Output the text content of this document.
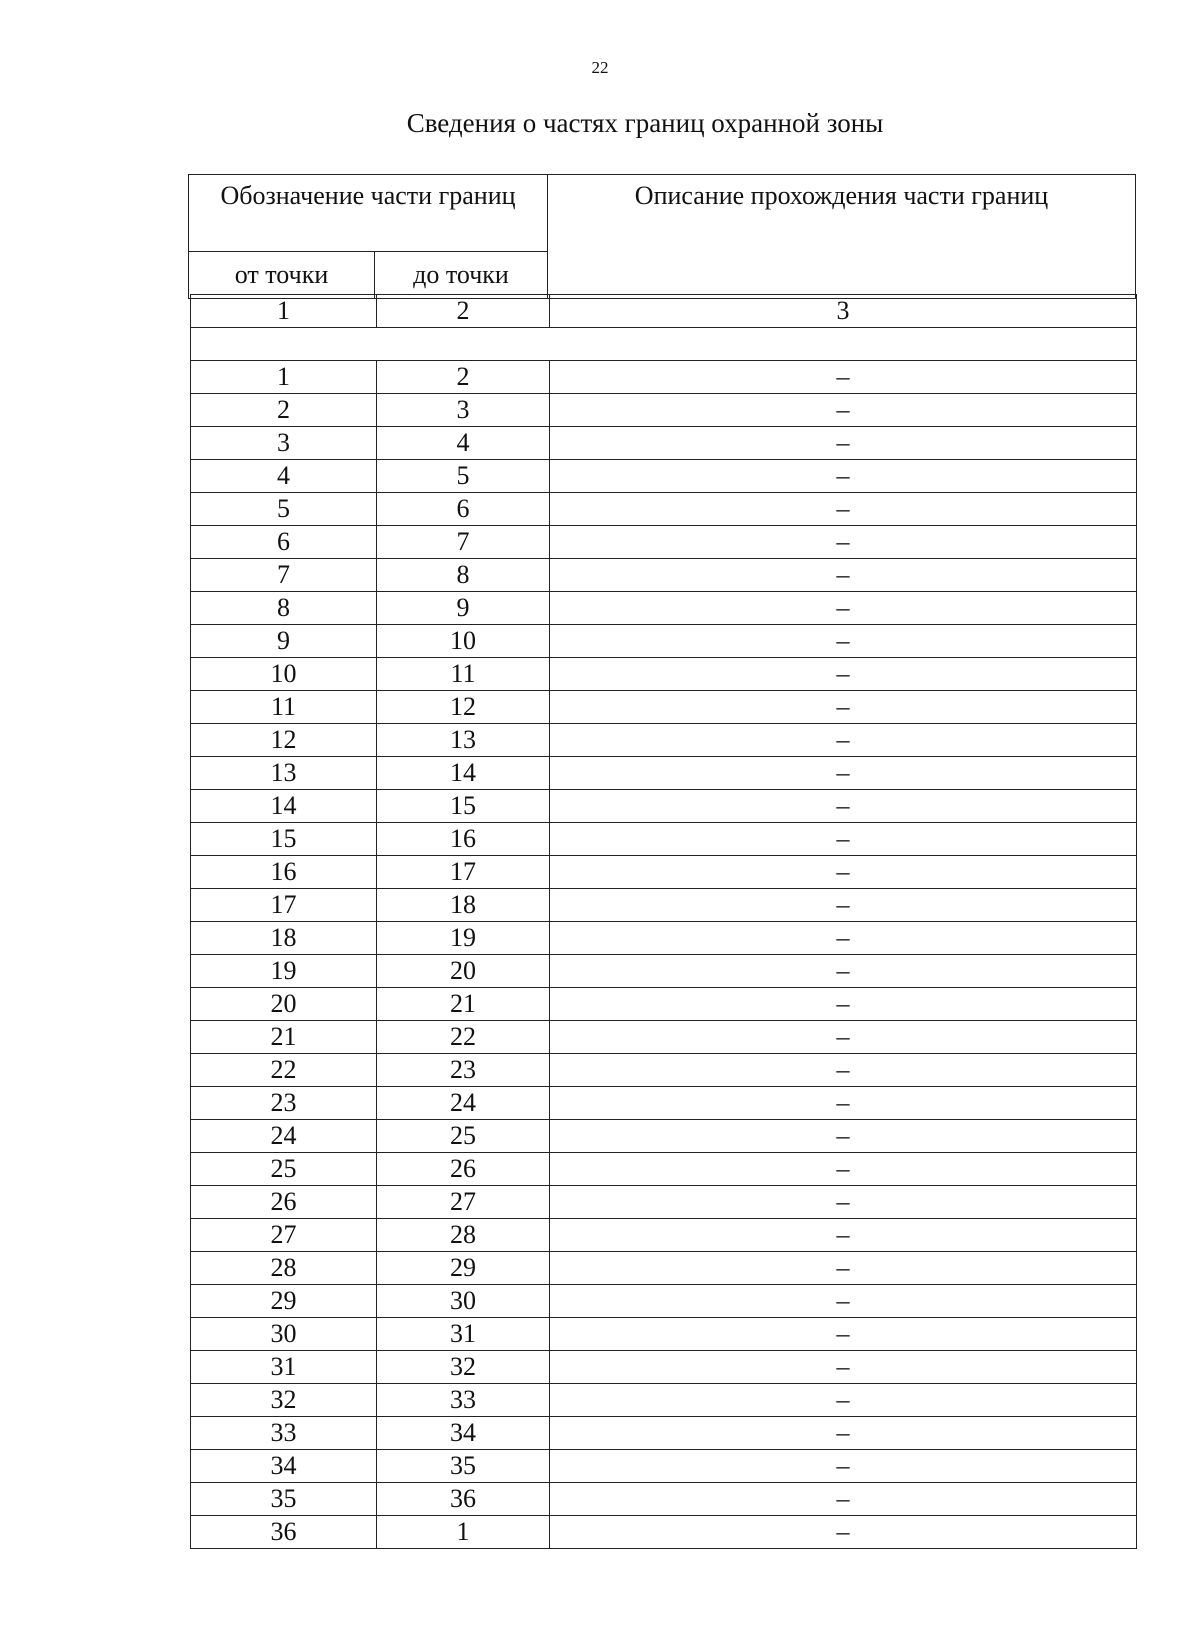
22
Сведения о частях границ охранной зоны
Обозначение части границ		Описание прохождения части границ
от точки	до точки	
1	2	3

1	2	–
2	3	–
3	4	–
4	5	–
5	6	–
6	7	–
7	8	–
8	9	–
9	10	–
10	11	–
11	12	–
12	13	–
13	14	–
14	15	–
15	16	–
16	17	–
17	18	–
18	19	–
19	20	–
20	21	–
21	22	–
22	23	–
23	24	–
24	25	–
25	26	–
26	27	–
27	28	–
28	29	–
29	30	–
30	31	–
31	32	–
32	33	–
33	34	–
34	35	–
35	36	–
36	1	–
